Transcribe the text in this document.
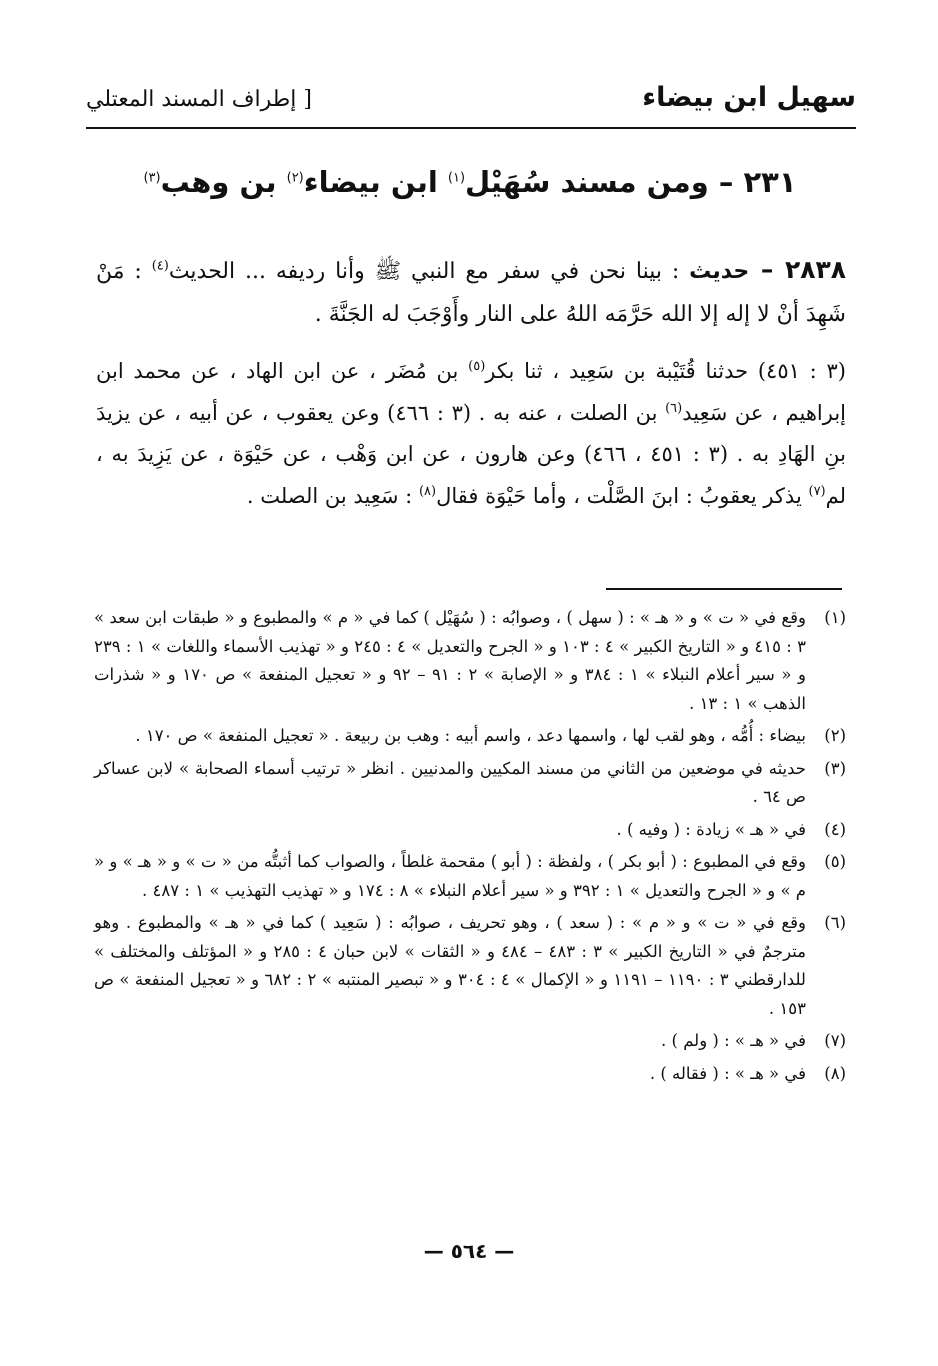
سهيل ابن بيضاء
[ إطراف المسند المعتلي
٢٣١ – ومن مسند سُهَيْل$^{(١)}$ ابن بيضاء$^{(٢)}$ بن وهب$^{(٣)}$

٢٨٣٨ – حديث : بينا نحن في سفر مع النبي ﷺ وأنا رديفه ... الحديث$^{(٤)}$ : مَنْ شَهِدَ أنْ لا إله إلا الله حَرَّمَه اللهُ على النار وأَوْجَبَ له الجَنَّةَ .

(٣ : ٤٥١) حدثنا قُتَيْبة بن سَعِيد ، ثنا بكر$^{(٥)}$ بن مُضَر ، عن ابن الهاد ، عن محمد ابن إبراهيم ، عن سَعِيد$^{(٦)}$ بن الصلت ، عنه به . (٣ : ٤٦٦) وعن يعقوب ، عن أبيه ، عن يزيدَ بنِ الهَادِ به . (٣ : ٤٥١ ، ٤٦٦) وعن هارون ، عن ابن وَهْب ، عن حَيْوَة ، عن يَزِيدَ به ، لم$^{(٧)}$ يذكر يعقوبُ : ابنَ الصَّلْت ، وأما حَيْوَة فقال$^{(٨)}$ : سَعِيد بن الصلت .

(١)
وقع في « ت » و « هـ » : ( سهل ) ، وصوابُه : ( سُهَيْل ) كما في « م » والمطبوع و « طبقات ابن سعد » ٣ : ٤١٥ و « التاريخ الكبير » ٤ : ١٠٣ و « الجرح والتعديل » ٤ : ٢٤٥ و « تهذيب الأسماء واللغات » ١ : ٢٣٩ و « سير أعلام النبلاء » ١ : ٣٨٤ و « الإصابة » ٢ : ٩١ – ٩٢ و « تعجيل المنفعة » ص ١٧٠ و « شذرات الذهب » ١ : ١٣ .
(٢)
بيضاء : أُمُّه ، وهو لقب لها ، واسمها دعد ، واسم أبيه : وهب بن ربيعة . « تعجيل المنفعة » ص ١٧٠ .
(٣)
حديثه في موضعين من الثاني من مسند المكيين والمدنيين . انظر « ترتيب أسماء الصحابة » لابن عساكر ص ٦٤ .
(٤)
في « هـ » زيادة : ( وفيه ) .
(٥)
وقع في المطبوع : ( أبو بكر ) ، ولفظة : ( أبو ) مقحمة غلطاً ، والصواب كما أثبتُّه من « ت » و « هـ » و « م » و « الجرح والتعديل » ١ : ٣٩٢ و « سير أعلام النبلاء » ٨ : ١٧٤ و « تهذيب التهذيب » ١ : ٤٨٧ .
(٦)
وقع في « ت » و « م » : ( سعد ) ، وهو تحريف ، صوابُه : ( سَعِيد ) كما في « هـ » والمطبوع . وهو مترجمٌ في « التاريخ الكبير » ٣ : ٤٨٣ – ٤٨٤ و « الثقات » لابن حبان ٤ : ٢٨٥ و « المؤتلف والمختلف » للدارقطني ٣ : ١١٩٠ – ١١٩١ و « الإكمال » ٤ : ٣٠٤ و « تبصير المنتبه » ٢ : ٦٨٢ و « تعجيل المنفعة » ص ١٥٣ .
(٧)
في « هـ » : ( ولم ) .
(٨)
في « هـ » : ( فقاله ) .
— ٥٦٤ —
